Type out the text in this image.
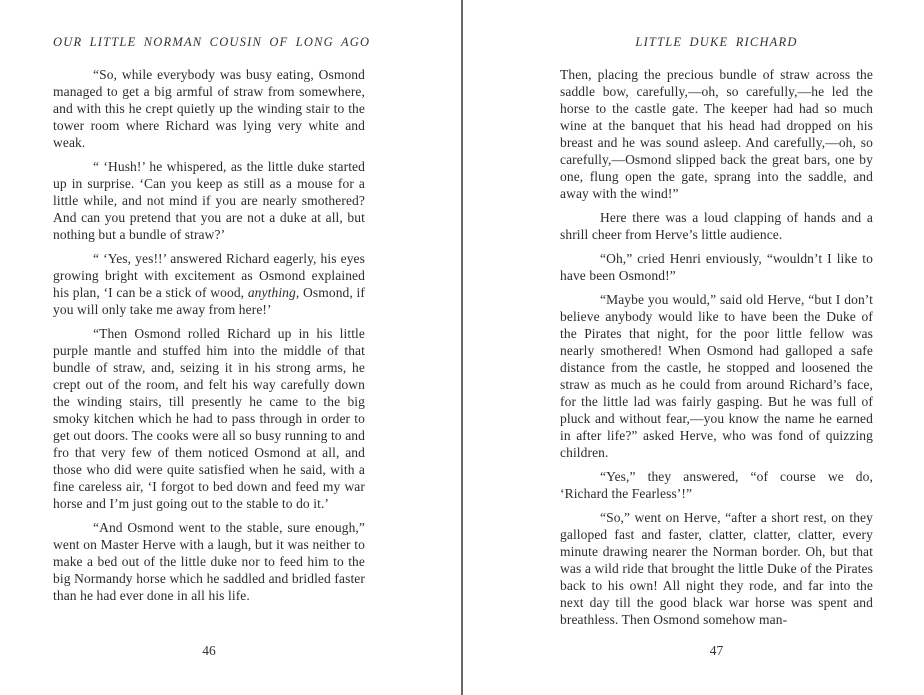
OUR LITTLE NORMAN COUSIN OF LONG AGO

“So, while everybody was busy eating, Osmond managed to get a big armful of straw from somewhere, and with this he crept quietly up the winding stair to the tower room where Richard was lying very white and weak.

“ ‘Hush!’ he whispered, as the little duke started up in surprise. ‘Can you keep as still as a mouse for a little while, and not mind if you are nearly smothered? And can you pretend that you are not a duke at all, but nothing but a bundle of straw?’

“ ‘Yes, yes!!’ answered Richard eagerly, his eyes growing bright with excitement as Osmond explained his plan, ‘I can be a stick of wood, anything, Osmond, if you will only take me away from here!’

“Then Osmond rolled Richard up in his little purple mantle and stuffed him into the middle of that bundle of straw, and, seizing it in his strong arms, he crept out of the room, and felt his way carefully down the winding stairs, till presently he came to the big smoky kitchen which he had to pass through in order to get out doors. The cooks were all so busy running to and fro that very few of them noticed Osmond at all, and those who did were quite satisfied when he said, with a fine careless air, ‘I forgot to bed down and feed my war horse and I’m just going out to the stable to do it.’

“And Osmond went to the stable, sure enough,” went on Master Herve with a laugh, but it was neither to make a bed out of the little duke nor to feed him to the big Normandy horse which he saddled and bridled faster than he had ever done in all his life.

46
LITTLE DUKE RICHARD

Then, placing the precious bundle of straw across the saddle bow, carefully,—oh, so carefully,—he led the horse to the castle gate. The keeper had had so much wine at the banquet that his head had dropped on his breast and he was sound asleep. And carefully,—oh, so carefully,—Osmond slipped back the great bars, one by one, flung open the gate, sprang into the saddle, and away with the wind!”

Here there was a loud clapping of hands and a shrill cheer from Herve’s little audience.

“Oh,” cried Henri enviously, “wouldn’t I like to have been Osmond!”

“Maybe you would,” said old Herve, “but I don’t believe anybody would like to have been the Duke of the Pirates that night, for the poor little fellow was nearly smothered! When Osmond had galloped a safe distance from the castle, he stopped and loosened the straw as much as he could from around Richard’s face, for the little lad was fairly gasping. But he was full of pluck and without fear,—you know the name he earned in after life?” asked Herve, who was fond of quizzing children.

“Yes,” they answered, “of course we do, ‘Richard the Fearless’!”

“So,” went on Herve, “after a short rest, on they galloped fast and faster, clatter, clatter, clatter, every minute drawing nearer the Norman border. Oh, but that was a wild ride that brought the little Duke of the Pirates back to his own! All night they rode, and far into the next day till the good black war horse was spent and breathless. Then Osmond somehow man-

47
